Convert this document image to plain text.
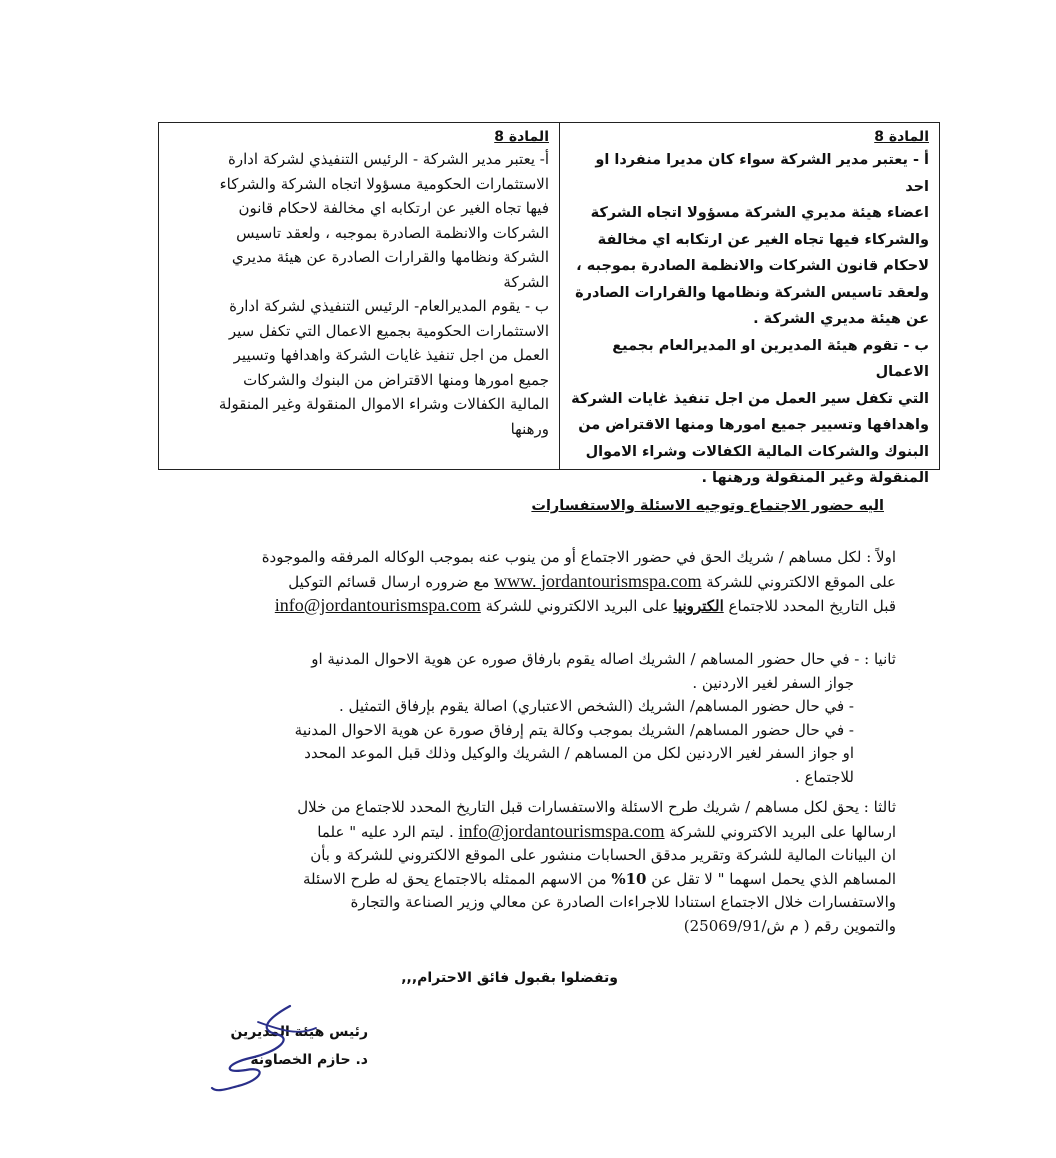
المادة 8
أ- يعتبر مدير الشركة - الرئيس التنفيذي لشركة ادارة
الاستثمارات الحكومية مسؤولا اتجاه الشركة والشركاء
فيها تجاه الغير عن ارتكابه اي مخالفة لاحكام قانون
الشركات والانظمة الصادرة بموجبه ، ولعقد تاسيس
الشركة ونظامها والقرارات الصادرة عن هيئة مديري
الشركة
ب - يقوم المديرالعام- الرئيس التنفيذي لشركة ادارة
الاستثمارات الحكومية بجميع الاعمال التي تكفل سير
العمل من اجل تنفيذ غايات الشركة واهدافها وتسيير
جميع امورها ومنها الاقتراض من البنوك والشركات
المالية الكفالات وشراء الاموال المنقولة وغير المنقولة
ورهنها
المادة 8
أ - يعتبر مدير الشركة سواء كان مديرا منفردا او احد
اعضاء هيئة مديري الشركة مسؤولا اتجاه الشركة
والشركاء فيها تجاه الغير عن ارتكابه اي مخالفة
لاحكام قانون الشركات والانظمة الصادرة بموجبه ،
ولعقد تاسيس الشركة ونظامها والقرارات الصادرة
عن هيئة مديري الشركة .
ب - تقوم هيئة المديرين او المديرالعام بجميع الاعمال
التي تكفل سير العمل من اجل تنفيذ غايات الشركة
واهدافها وتسيير جميع امورها ومنها الاقتراض من
البنوك والشركات المالية الكفالات وشراء الاموال
المنقولة وغير المنقولة ورهنها .
اليه حضور الاجتماع وتوجيه الاسئلة والاستفسارات
اولاً : لكل مساهم / شريك الحق في حضور الاجتماع أو من ينوب عنه بموجب الوكاله المرفقه والموجودة
على الموقع الالكتروني للشركة www. jordantourismspa.com مع ضروره ارسال قسائم التوكيل
قبل التاريخ المحدد للاجتماع الكترونيا على البريد الالكتروني للشركة info@jordantourismspa.com
ثانيا : - في حال حضور المساهم / الشريك اصاله يقوم بارفاق صوره عن هوية الاحوال المدنية او
جواز السفر لغير الاردنين .
- في حال حضور المساهم/ الشريك (الشخص الاعتباري) اصالة يقوم بإرفاق التمثيل .
- في حال حضور المساهم/ الشريك بموجب وكالة يتم إرفاق صورة عن هوية الاحوال المدنية
او جواز السفر لغير الاردنين لكل من المساهم / الشريك والوكيل وذلك قبل الموعد المحدد
للاجتماع .
ثالثا : يحق لكل مساهم / شريك طرح الاسئلة والاستفسارات قبل التاريخ المحدد للاجتماع من خلال
ارسالها على البريد الاكتروني للشركة info@jordantourismspa.com . ليتم الرد عليه " علما
ان البيانات المالية للشركة وتقرير مدقق الحسابات منشور على الموقع الالكتروني للشركة و بأن
المساهم الذي يحمل اسهما " لا تقل عن 10% من الاسهم الممثله بالاجتماع يحق له طرح الاسئلة
والاستفسارات خلال الاجتماع استنادا للاجراءات الصادرة عن معالي وزير الصناعة والتجارة
والتموين رقم ( م ش/25069/91)
وتفضلوا بقبول فائق الاحترام,,,
رئيس هيئة المديرين
د. حازم الخصاونة
